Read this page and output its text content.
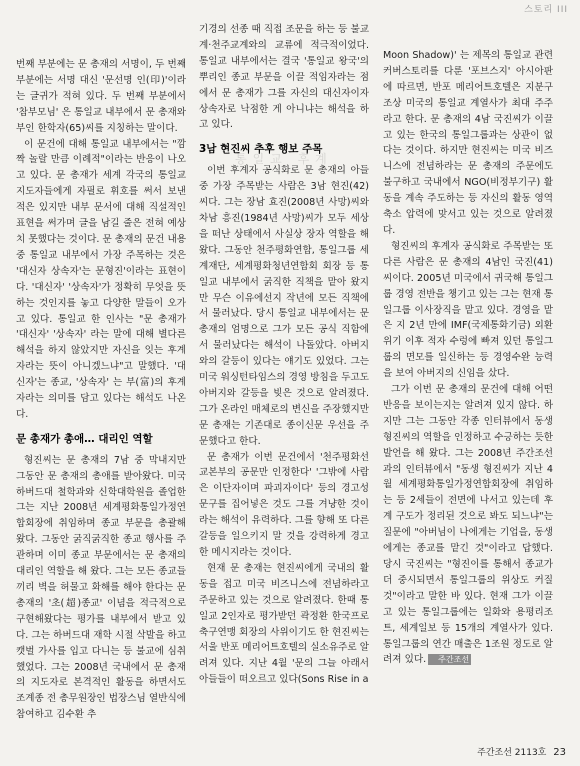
스토리 III
통일교 후계

번째 부분에는 문 총재의 서명이, 두 번째 부분에는 서명 대신 '문선명 인(印)'이라는 글귀가 적혀 있다. 두 번째 부분에서 '참부모님' 은 통일교 내부에서 문 총재와 부인 한학자(65)씨를 지칭하는 말이다.

이 문건에 대해 통일교 내부에서는 "깜짝 놀랄 만큼 이례적"이라는 반응이 나오고 있다. 문 총재가 세계 각국의 통일교 지도자들에게 자필로 휘호를 써서 보낸 적은 있지만 내부 문서에 대해 직설적인 표현을 써가며 글을 남길 줄은 전혀 예상치 못했다는 것이다. 문 총재의 문건 내용 중 통일교 내부에서 가장 주목하는 것은 '대신자 상속자'는 문형진'이라는 표현이다. '대신자' '상속자'가 정확히 무엇을 뜻하는 것인지를 놓고 다양한 말들이 오가고 있다. 통일교 한 인사는 "문 총재가 '대신자' '상속자' 라는 말에 대해 별다른 해석을 하지 않았지만 자신을 잇는 후계자라는 뜻이 아니겠느냐"고 말했다. '대신자'는 종교, '상속자' 는 부(富)의 후계자라는 의미를 담고 있다는 해석도 나온다.

문 총재가 총애… 대리인 역할

형진씨는 문 총재의 7남 중 막내지만 그동안 문 총재의 총애를 받아왔다. 미국 하버드대 철학과와 신학대학원을 졸업한 그는 지난 2008년 세계평화통일가정연합회장에 취임하며 종교 부문을 총괄해 왔다. 그동안 굵직굵직한 종교 행사를 주관하며 이미 종교 부문에서는 문 총재의 대리인 역할을 해 왔다. 그는 모든 종교들끼리 벽을 허물고 화해를 해야 한다는 문 총재의 '초(超)종교' 이념을 적극적으로 구현해왔다는 평가를 내부에서 받고 있다. 그는 하버드대 재학 시절 삭발을 하고 캣벌 가사를 입고 다니는 등 불교에 심취했었다. 그는 2008년 국내에서 문 총재의 지도자로 본격적인 활동을 하면서도 조계종 전 총무원장인 법장스님 열반식에 참여하고 김수환 추

기경의 선종 때 직접 조문을 하는 등 불교계·천주교계와의 교류에 적극적이었다. 통일교 내부에서는 결국 '통일교 왕국'의 뿌리인 종교 부문을 이끌 적임자라는 점에서 문 총재가 그를 자신의 대신자이자 상속자로 낙점한 게 아니냐는 해석을 하고 있다.

3남 현진씨 추후 행보 주목

이번 후계자 공식화로 문 총재의 아들 중 가장 주목받는 사람은 3남 현진(42)씨다. 그는 장남 효진(2008년 사망)씨와 차남 흥진(1984년 사망)씨가 모두 세상을 떠난 상태에서 사실상 장자 역할을 해 왔다. 그동안 천주평화연합, 통일그룹 세계재단, 세계평화청년연합회 회장 등 통일교 내부에서 굵직한 직책을 맡아 왔지만 무슨 이유에선지 작년에 모든 직책에서 물러났다. 당시 통일교 내부에서는 문 총재의 엄명으로 그가 모든 공식 직함에서 물러났다는 해석이 나돌았다. 아버지와의 갈등이 있다는 얘기도 있었다. 그는 미국 워싱턴타임스의 경영 방침을 두고도 아버지와 갈등을 빚은 것으로 알려졌다. 그가 온라인 매체로의 변신을 주장했지만 문 총재는 기존대로 종이신문 우선을 주문했다고 한다.

문 총재가 이번 문건에서 '천주평화선교본부의 공문만 인정한다' '그밖에 사람은 이단자이며 파괴자이다' 등의 경고성 문구를 집어넣은 것도 그를 겨냥한 것이라는 해석이 유력하다. 그를 향해 또 다른 갈등을 일으키지 말 것을 강력하게 경고한 메시지라는 것이다.

현재 문 총재는 현진씨에게 국내의 활동을 접고 미국 비즈니스에 전념하라고 주문하고 있는 것으로 알려졌다. 한때 통일교 2인자로 평가받던 곽정환 한국프로축구연맹 회장의 사위이기도 한 현진씨는 서울 반포 메리어트호텔의 실소유주로 알려져 있다. 지난 4월 '문의 그늘 아래서 아들들이 떠오르고 있다(Sons Rise in a

Moon Shadow)' 는 제목의 통일교 관련 커버스토리를 다룬 '포브스지' 아시아판에 따르면, 반포 메리어트호텔은 지분구조상 미국의 통일교 계열사가 최대 주주라고 한다. 문 총재의 4남 국진씨가 이끌고 있는 한국의 통일그룹과는 상관이 없다는 것이다. 하지만 현진씨는 미국 비즈니스에 전념하라는 문 총재의 주문에도 불구하고 국내에서 NGO(비정부기구) 활동을 계속 주도하는 등 자신의 활동 영역 축소 압력에 맞서고 있는 것으로 알려졌다.

형진씨의 후계자 공식화로 주목받는 또 다른 사람은 문 총재의 4남인 국진(41)씨이다. 2005년 미국에서 귀국해 통일그룹 경영 전반을 챙기고 있는 그는 현재 통일그룹 이사장직을 맡고 있다. 경영을 맡은 지 2년 만에 IMF(국제통화기금) 외환위기 이후 적자 수렁에 빠져 있던 통일그룹의 면모를 일신하는 등 경영수완 능력을 보여 아버지의 신임을 샀다.

그가 이번 문 총재의 문건에 대해 어떤 반응을 보이는지는 알려져 있지 않다. 하지만 그는 그동안 각종 인터뷰에서 동생 형진씨의 역할을 인정하고 수긍하는 듯한 발언을 해 왔다. 그는 2008년 주간조선과의 인터뷰에서 "동생 형진씨가 지난 4월 세계평화통일가정연합회장에 취임하는 등 2세들이 전면에 나서고 있는데 후계 구도가 정리된 것으로 봐도 되느냐"는 질문에 "아버님이 나에게는 기업을, 동생에게는 종교를 맡긴 것"이라고 답했다. 당시 국진씨는 "형진이를 통해서 종교가 더 중시되면서 통일그룹의 위상도 커질 것"이라고 말한 바 있다. 현재 그가 이끌고 있는 통일그룹에는 일화와 용평리조트, 세계일보 등 15개의 계열사가 있다. 통일그룹의 연간 매출은 1조원 정도로 알려져 있다. 주간조선

주간조선 2113호 23
